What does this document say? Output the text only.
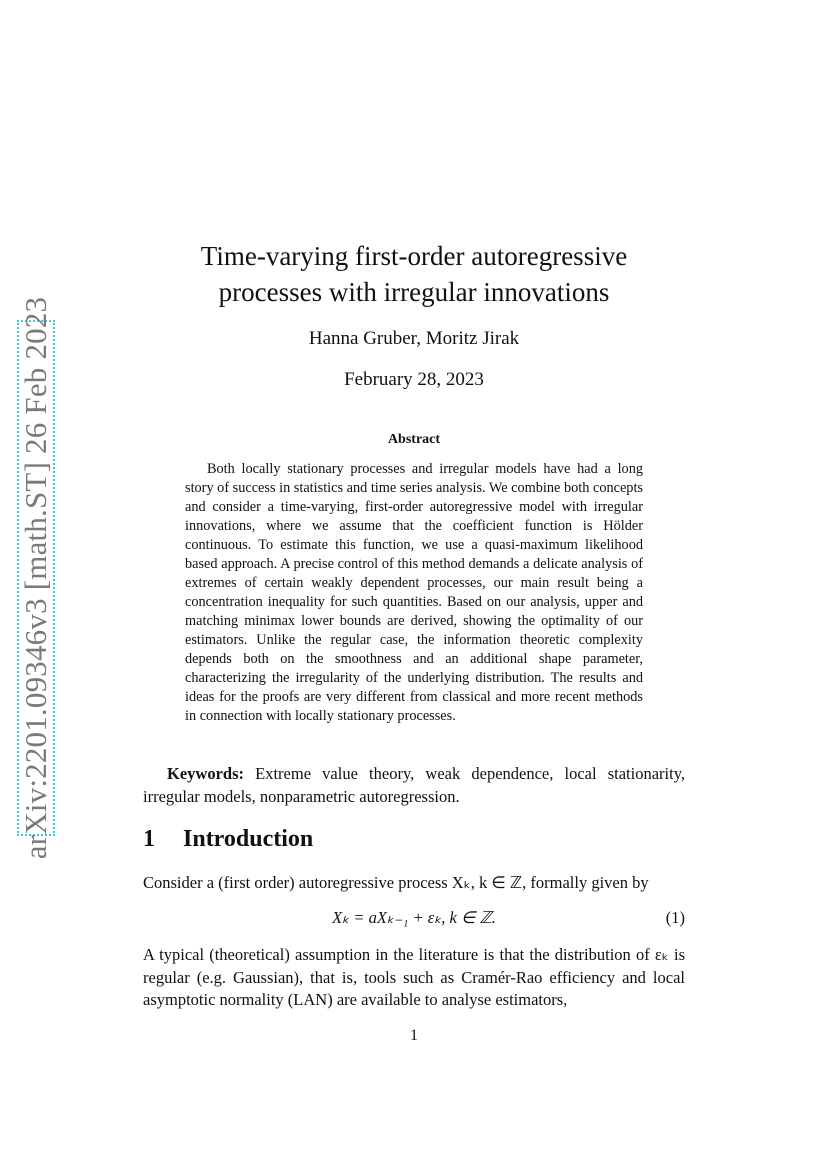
arXiv:2201.09346v3 [math.ST] 26 Feb 2023
Time-varying first-order autoregressive
processes with irregular innovations
Hanna Gruber, Moritz Jirak
February 28, 2023
Abstract
Both locally stationary processes and irregular models have had a long story of success in statistics and time series analysis. We combine both concepts and consider a time-varying, first-order autoregressive model with irregular innovations, where we assume that the coefficient function is Hölder continuous. To estimate this function, we use a quasi-maximum likelihood based approach. A precise control of this method demands a delicate analysis of extremes of certain weakly dependent processes, our main result being a concentration inequality for such quantities. Based on our analysis, upper and matching minimax lower bounds are derived, showing the optimality of our estimators. Unlike the regular case, the information theoretic complexity depends both on the smoothness and an additional shape parameter, characterizing the irregularity of the underlying distribution. The results and ideas for the proofs are very different from classical and more recent methods in connection with locally stationary processes.
Keywords: Extreme value theory, weak dependence, local stationarity, irregular models, nonparametric autoregression.
1 Introduction
Consider a (first order) autoregressive process Xₖ, k ∈ ℤ, formally given by
Xₖ = aXₖ₋₁ + εₖ, k ∈ ℤ.	(1)
A typical (theoretical) assumption in the literature is that the distribution of εₖ is regular (e.g. Gaussian), that is, tools such as Cramér-Rao efficiency and local asymptotic normality (LAN) are available to analyse estimators,
1
